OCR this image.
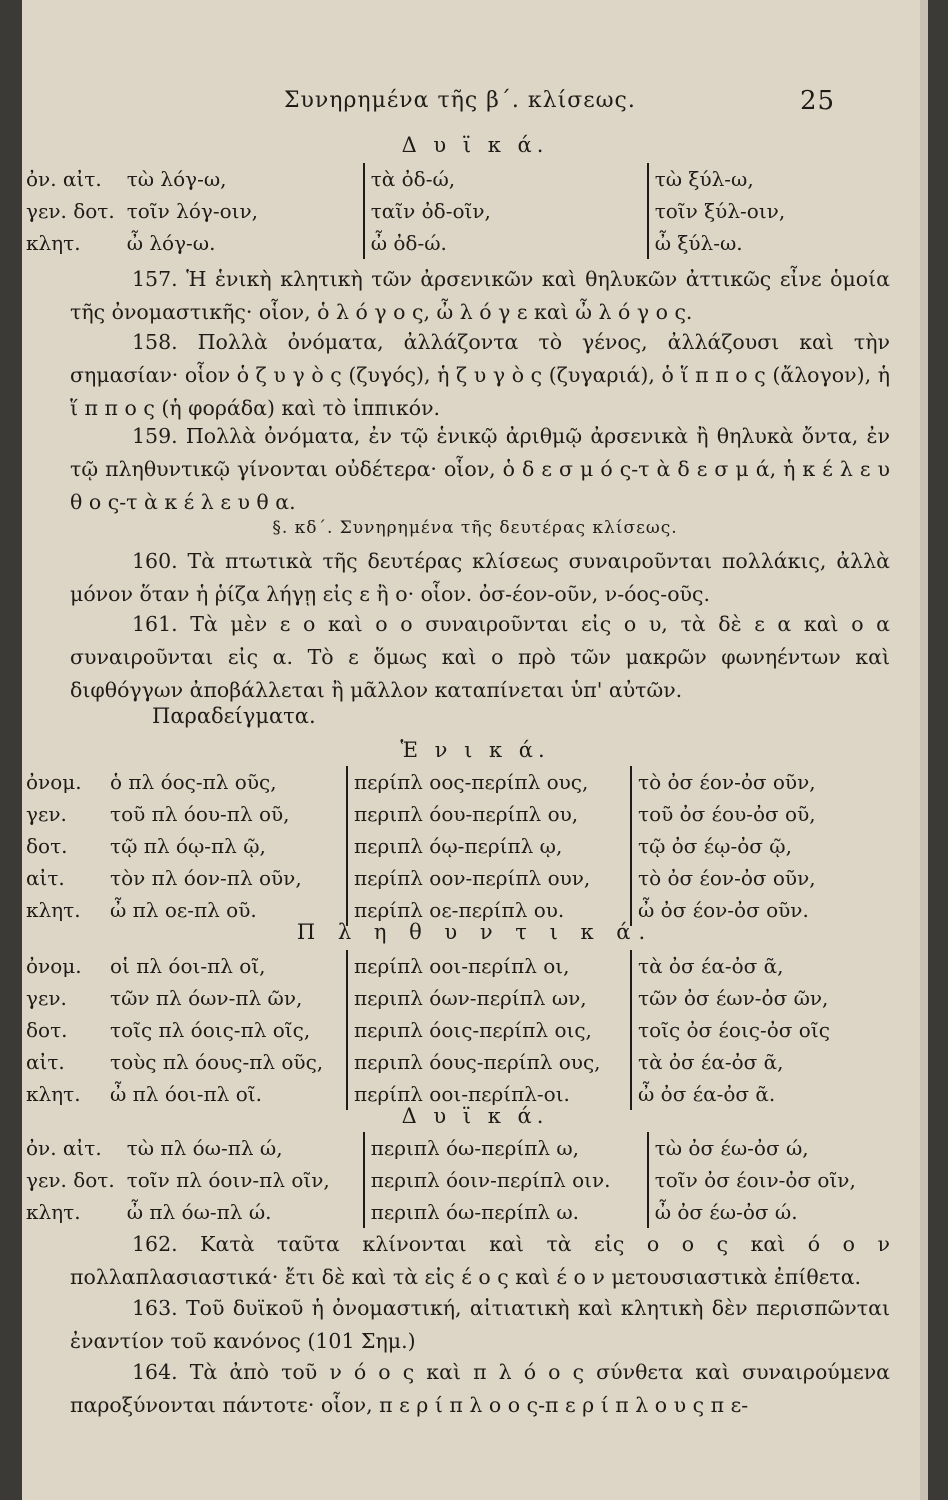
Συνηρημένα τῆς β΄. κλίσεως.	25
Δ υ ϊ κ ά.
ὀν. αἰτ.	τὼ λόγ-ω,	τὰ ὀδ-ώ,	τὼ ξύλ-ω,
γεν. δοτ.	τοῖν λόγ-οιν,	ταῖν ὀδ-οῖν,	τοῖν ξύλ-οιν,
κλητ.	ὦ λόγ-ω.	ὦ ὀδ-ώ.	ὦ ξύλ-ω.
157. Ἡ ἑνικὴ κλητικὴ τῶν ἀρσενικῶν καὶ θηλυκῶν ἀττικῶς εἶνε ὁμοία τῆς ὀνομαστικῆς· οἷον, ὁ λ ό γ ο ς, ὦ λ ό γ ε καὶ ὦ λ ό γ ο ς.
158. Πολλὰ ὀνόματα, ἀλλάζοντα τὸ γένος, ἀλλάζουσι καὶ τὴν σημασίαν· οἷον ὁ ζ υ γ ὸ ς (ζυγός), ἡ ζ υ γ ὸ ς (ζυγαριά), ὁ ἵ π π ο ς (ἄλογον), ἡ ἵ π π ο ς (ἡ φοράδα) καὶ τὸ ἱππικόν.
159. Πολλὰ ὀνόματα, ἐν τῷ ἑνικῷ ἀριθμῷ ἀρσενικὰ ἢ θηλυκὰ ὄντα, ἐν τῷ πληθυντικῷ γίνονται οὐδέτερα· οἷον, ὁ δ ε σ μ ό ς-τ ὰ δ ε σ μ ά, ἡ κ έ λ ε υ θ ο ς-τ ὰ κ έ λ ε υ θ α.
§. κδ΄. Συνηρημένα τῆς δευτέρας κλίσεως.
160. Τὰ πτωτικὰ τῆς δευτέρας κλίσεως συναιροῦνται πολλάκις, ἀλλὰ μόνον ὅταν ἡ ῥίζα λήγῃ εἰς ε ἢ ο· οἷον. ὀσ-έον-οῦν, ν-όος-οῦς.
161. Τὰ μὲν ε ο καὶ ο ο συναιροῦνται εἰς ο υ, τὰ δὲ ε α καὶ ο α συναιροῦνται εἰς α. Τὸ ε ὅμως καὶ ο πρὸ τῶν μακρῶν φωνηέντων καὶ διφθόγγων ἀποβάλλεται ἢ μᾶλλον καταπίνεται ὑπ' αὐτῶν.
Παραδείγματα.
Ἑ ν ι κ ά.
ὀνομ.	ὁ πλ όος-πλ οῦς,	περίπλ οος-περίπλ ους,	τὸ ὀσ έον-ὀσ οῦν,
γεν.	τοῦ πλ όου-πλ οῦ,	περιπλ όου-περίπλ ου,	τοῦ ὀσ έου-ὀσ οῦ,
δοτ.	τῷ πλ όῳ-πλ ῷ,	περιπλ όῳ-περίπλ ῳ,	τῷ ὀσ έῳ-ὀσ ῷ,
αἰτ.	τὸν πλ όον-πλ οῦν,	περίπλ οον-περίπλ ουν,	τὸ ὀσ έον-ὀσ οῦν,
κλητ.	ὦ πλ οε-πλ οῦ.	περίπλ οε-περίπλ ου.	ὦ ὀσ έον-ὀσ οῦν.
Π λ η θ υ ν τ ι κ ά.
ὀνομ.	οἱ πλ όοι-πλ οῖ,	περίπλ οοι-περίπλ οι,	τὰ ὀσ έα-ὀσ ᾶ,
γεν.	τῶν πλ όων-πλ ῶν,	περιπλ όων-περίπλ ων,	τῶν ὀσ έων-ὀσ ῶν,
δοτ.	τοῖς πλ όοις-πλ οῖς,	περιπλ όοις-περίπλ οις,	τοῖς ὀσ έοις-ὀσ οῖς
αἰτ.	τοὺς πλ όους-πλ οῦς,	περιπλ όους-περίπλ ους,	τὰ ὀσ έα-ὀσ ᾶ,
κλητ.	ὦ πλ όοι-πλ οῖ.	περίπλ οοι-περίπλ-οι.	ὦ ὀσ έα-ὀσ ᾶ.
Δ υ ϊ κ ά.
ὀν. αἰτ.	τὼ πλ όω-πλ ώ,	περιπλ όω-περίπλ ω,	τὼ ὀσ έω-ὀσ ώ,
γεν. δοτ.	τοῖν πλ όοιν-πλ οῖν,	περιπλ όοιν-περίπλ οιν.	τοῖν ὀσ έοιν-ὀσ οῖν,
κλητ.	ὦ πλ όω-πλ ώ.	περιπλ όω-περίπλ ω.	ὦ ὀσ έω-ὀσ ώ.
162. Κατὰ ταῦτα κλίνονται καὶ τὰ εἰς ο ο ς καὶ ό ο ν πολλαπλασιαστικά· ἔτι δὲ καὶ τὰ εἰς έ ο ς καὶ έ ο ν μετουσιαστικὰ ἐπίθετα.
163. Τοῦ δυϊκοῦ ἡ ὀνομαστική, αἰτιατικὴ καὶ κλητικὴ δὲν περισπῶνται ἐναντίον τοῦ κανόνος (101 Σημ.)
164. Τὰ ἀπὸ τοῦ ν ό ο ς καὶ π λ ό ο ς σύνθετα καὶ συναιρούμενα παροξύνονται πάντοτε· οἷον, π ε ρ ί π λ ο ο ς-π ε ρ ί π λ ο υ ς π ε-
